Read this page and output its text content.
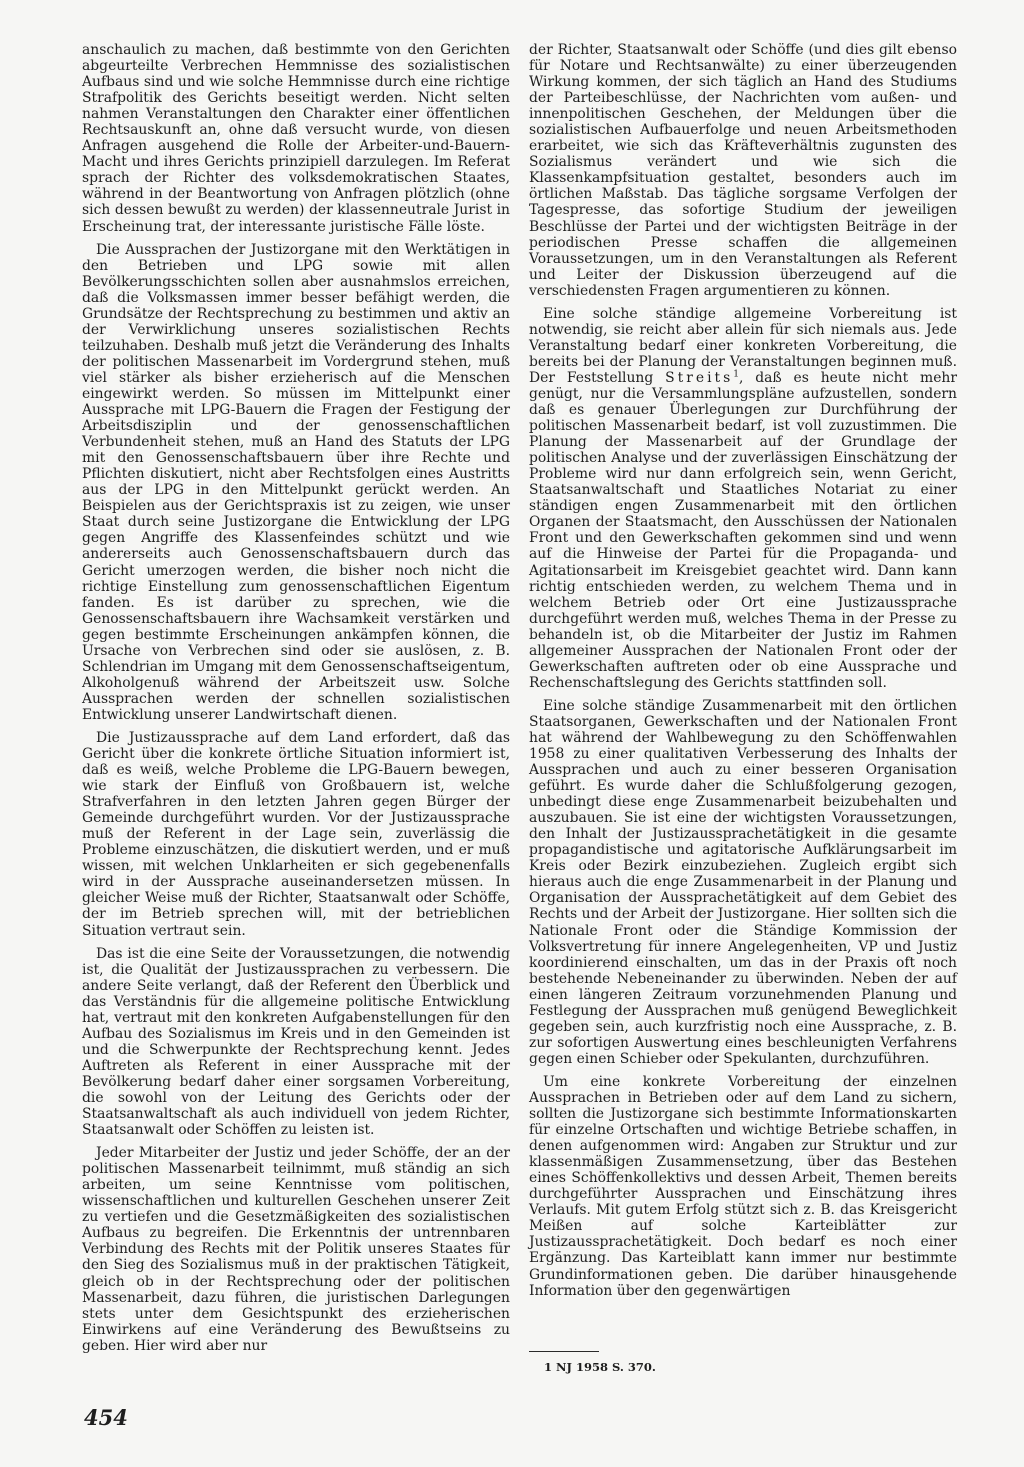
anschaulich zu machen, daß bestimmte von den Gerichten abgeurteilte Verbrechen Hemmnisse des sozialistischen Aufbaus sind und wie solche Hemmnisse durch eine richtige Strafpolitik des Gerichts beseitigt werden. Nicht selten nahmen Veranstaltungen den Charakter einer öffentlichen Rechtsauskunft an, ohne daß versucht wurde, von diesen Anfragen ausgehend die Rolle der Arbeiter-und-Bauern-Macht und ihres Gerichts prinzipiell darzulegen. Im Referat sprach der Richter des volksdemokratischen Staates, während in der Beantwortung von Anfragen plötzlich (ohne sich dessen bewußt zu werden) der klassenneutrale Jurist in Erscheinung trat, der interessante juristische Fälle löste.

Die Aussprachen der Justizorgane mit den Werktätigen in den Betrieben und LPG sowie mit allen Bevölkerungsschichten sollen aber ausnahmslos erreichen, daß die Volksmassen immer besser befähigt werden, die Grundsätze der Rechtsprechung zu bestimmen und aktiv an der Verwirklichung unseres sozialistischen Rechts teilzuhaben. Deshalb muß jetzt die Veränderung des Inhalts der politischen Massenarbeit im Vordergrund stehen, muß viel stärker als bisher erzieherisch auf die Menschen eingewirkt werden. So müssen im Mittelpunkt einer Aussprache mit LPG-Bauern die Fragen der Festigung der Arbeitsdisziplin und der genossenschaftlichen Verbundenheit stehen, muß an Hand des Statuts der LPG mit den Genossenschaftsbauern über ihre Rechte und Pflichten diskutiert, nicht aber Rechtsfolgen eines Austritts aus der LPG in den Mittelpunkt gerückt werden. An Beispielen aus der Gerichtspraxis ist zu zeigen, wie unser Staat durch seine Justizorgane die Entwicklung der LPG gegen Angriffe des Klassenfeindes schützt und wie andererseits auch Genossenschaftsbauern durch das Gericht umerzogen werden, die bisher noch nicht die richtige Einstellung zum genossenschaftlichen Eigentum fanden. Es ist darüber zu sprechen, wie die Genossenschaftsbauern ihre Wachsamkeit verstärken und gegen bestimmte Erscheinungen ankämpfen können, die Ursache von Verbrechen sind oder sie auslösen, z. B. Schlendrian im Umgang mit dem Genossenschaftseigentum, Alkoholgenuß während der Arbeitszeit usw. Solche Aussprachen werden der schnellen sozialistischen Entwicklung unserer Landwirtschaft dienen.

Die Justizaussprache auf dem Land erfordert, daß das Gericht über die konkrete örtliche Situation informiert ist, daß es weiß, welche Probleme die LPG-Bauern bewegen, wie stark der Einfluß von Großbauern ist, welche Strafverfahren in den letzten Jahren gegen Bürger der Gemeinde durchgeführt wurden. Vor der Justizaussprache muß der Referent in der Lage sein, zuverlässig die Probleme einzuschätzen, die diskutiert werden, und er muß wissen, mit welchen Unklarheiten er sich gegebenenfalls wird in der Aussprache auseinandersetzen müssen. In gleicher Weise muß der Richter, Staatsanwalt oder Schöffe, der im Betrieb sprechen will, mit der betrieblichen Situation vertraut sein.

Das ist die eine Seite der Voraussetzungen, die notwendig ist, die Qualität der Justizaussprachen zu verbessern. Die andere Seite verlangt, daß der Referent den Überblick und das Verständnis für die allgemeine politische Entwicklung hat, vertraut mit den konkreten Aufgabenstellungen für den Aufbau des Sozialismus im Kreis und in den Gemeinden ist und die Schwerpunkte der Rechtsprechung kennt. Jedes Auftreten als Referent in einer Aussprache mit der Bevölkerung bedarf daher einer sorgsamen Vorbereitung, die sowohl von der Leitung des Gerichts oder der Staatsanwaltschaft als auch individuell von jedem Richter, Staatsanwalt oder Schöffen zu leisten ist.

Jeder Mitarbeiter der Justiz und jeder Schöffe, der an der politischen Massenarbeit teilnimmt, muß ständig an sich arbeiten, um seine Kenntnisse vom politischen, wissenschaftlichen und kulturellen Geschehen unserer Zeit zu vertiefen und die Gesetzmäßigkeiten des sozialistischen Aufbaus zu begreifen. Die Erkenntnis der untrennbaren Verbindung des Rechts mit der Politik unseres Staates für den Sieg des Sozialismus muß in der praktischen Tätigkeit, gleich ob in der Rechtsprechung oder der politischen Massenarbeit, dazu führen, die juristischen Darlegungen stets unter dem Gesichtspunkt des erzieherischen Einwirkens auf eine Veränderung des Bewußtseins zu geben. Hier wird aber nur

der Richter, Staatsanwalt oder Schöffe (und dies gilt ebenso für Notare und Rechtsanwälte) zu einer überzeugenden Wirkung kommen, der sich täglich an Hand des Studiums der Parteibeschlüsse, der Nachrichten vom außen- und innenpolitischen Geschehen, der Meldungen über die sozialistischen Aufbauerfolge und neuen Arbeitsmethoden erarbeitet, wie sich das Kräfteverhältnis zugunsten des Sozialismus verändert und wie sich die Klassenkampfsituation gestaltet, besonders auch im örtlichen Maßstab. Das tägliche sorgsame Verfolgen der Tagespresse, das sofortige Studium der jeweiligen Beschlüsse der Partei und der wichtigsten Beiträge in der periodischen Presse schaffen die allgemeinen Voraussetzungen, um in den Veranstaltungen als Referent und Leiter der Diskussion überzeugend auf die verschiedensten Fragen argumentieren zu können.

Eine solche ständige allgemeine Vorbereitung ist notwendig, sie reicht aber allein für sich niemals aus. Jede Veranstaltung bedarf einer konkreten Vorbereitung, die bereits bei der Planung der Veranstaltungen beginnen muß. Der Feststellung Streits$^1$, daß es heute nicht mehr genügt, nur die Versammlungspläne aufzustellen, sondern daß es genauer Überlegungen zur Durchführung der politischen Massenarbeit bedarf, ist voll zuzustimmen. Die Planung der Massenarbeit auf der Grundlage der politischen Analyse und der zuverlässigen Einschätzung der Probleme wird nur dann erfolgreich sein, wenn Gericht, Staatsanwaltschaft und Staatliches Notariat zu einer ständigen engen Zusammenarbeit mit den örtlichen Organen der Staatsmacht, den Ausschüssen der Nationalen Front und den Gewerkschaften gekommen sind und wenn auf die Hinweise der Partei für die Propaganda- und Agitationsarbeit im Kreisgebiet geachtet wird. Dann kann richtig entschieden werden, zu welchem Thema und in welchem Betrieb oder Ort eine Justizaussprache durchgeführt werden muß, welches Thema in der Presse zu behandeln ist, ob die Mitarbeiter der Justiz im Rahmen allgemeiner Aussprachen der Nationalen Front oder der Gewerkschaften auftreten oder ob eine Aussprache und Rechenschaftslegung des Gerichts stattfinden soll.

Eine solche ständige Zusammenarbeit mit den örtlichen Staatsorganen, Gewerkschaften und der Nationalen Front hat während der Wahlbewegung zu den Schöffenwahlen 1958 zu einer qualitativen Verbesserung des Inhalts der Aussprachen und auch zu einer besseren Organisation geführt. Es wurde daher die Schlußfolgerung gezogen, unbedingt diese enge Zusammenarbeit beizubehalten und auszubauen. Sie ist eine der wichtigsten Voraussetzungen, den Inhalt der Justizaussprachetätigkeit in die gesamte propagandistische und agitatorische Aufklärungsarbeit im Kreis oder Bezirk einzubeziehen. Zugleich ergibt sich hieraus auch die enge Zusammenarbeit in der Planung und Organisation der Aussprachetätigkeit auf dem Gebiet des Rechts und der Arbeit der Justizorgane. Hier sollten sich die Nationale Front oder die Ständige Kommission der Volksvertretung für innere Angelegenheiten, VP und Justiz koordinierend einschalten, um das in der Praxis oft noch bestehende Nebeneinander zu überwinden. Neben der auf einen längeren Zeitraum vorzunehmenden Planung und Festlegung der Aussprachen muß genügend Beweglichkeit gegeben sein, auch kurzfristig noch eine Aussprache, z. B. zur sofortigen Auswertung eines beschleunigten Verfahrens gegen einen Schieber oder Spekulanten, durchzuführen.

Um eine konkrete Vorbereitung der einzelnen Aussprachen in Betrieben oder auf dem Land zu sichern, sollten die Justizorgane sich bestimmte Informationskarten für einzelne Ortschaften und wichtige Betriebe schaffen, in denen aufgenommen wird: Angaben zur Struktur und zur klassenmäßigen Zusammensetzung, über das Bestehen eines Schöffenkollektivs und dessen Arbeit, Themen bereits durchgeführter Aussprachen und Einschätzung ihres Verlaufs. Mit gutem Erfolg stützt sich z. B. das Kreisgericht Meißen auf solche Karteiblätter zur Justizaussprachetätigkeit. Doch bedarf es noch einer Ergänzung. Das Karteiblatt kann immer nur bestimmte Grundinformationen geben. Die darüber hinausgehende Information über den gegenwärtigen

1 NJ 1958 S. 370.
454
